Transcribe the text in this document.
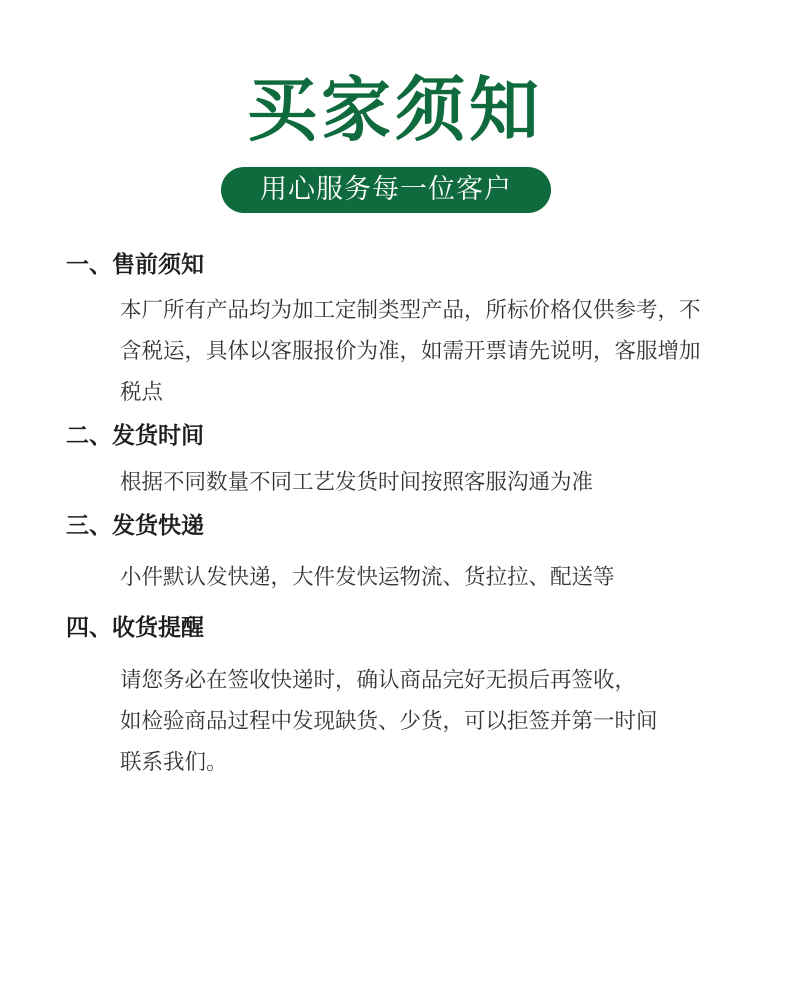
买家须知
用心服务每一位客户
一、售前须知
本厂所有产品均为加工定制类型产品，所标价格仅供参考，不
含税运，具体以客服报价为准，如需开票请先说明，客服增加
税点
二、发货时间
根据不同数量不同工艺发货时间按照客服沟通为准
三、发货快递
小件默认发快递，大件发快运物流、货拉拉、配送等
四、收货提醒
请您务必在签收快递时，确认商品完好无损后再签收，
如检验商品过程中发现缺货、少货，可以拒签并第一时间
联系我们。
